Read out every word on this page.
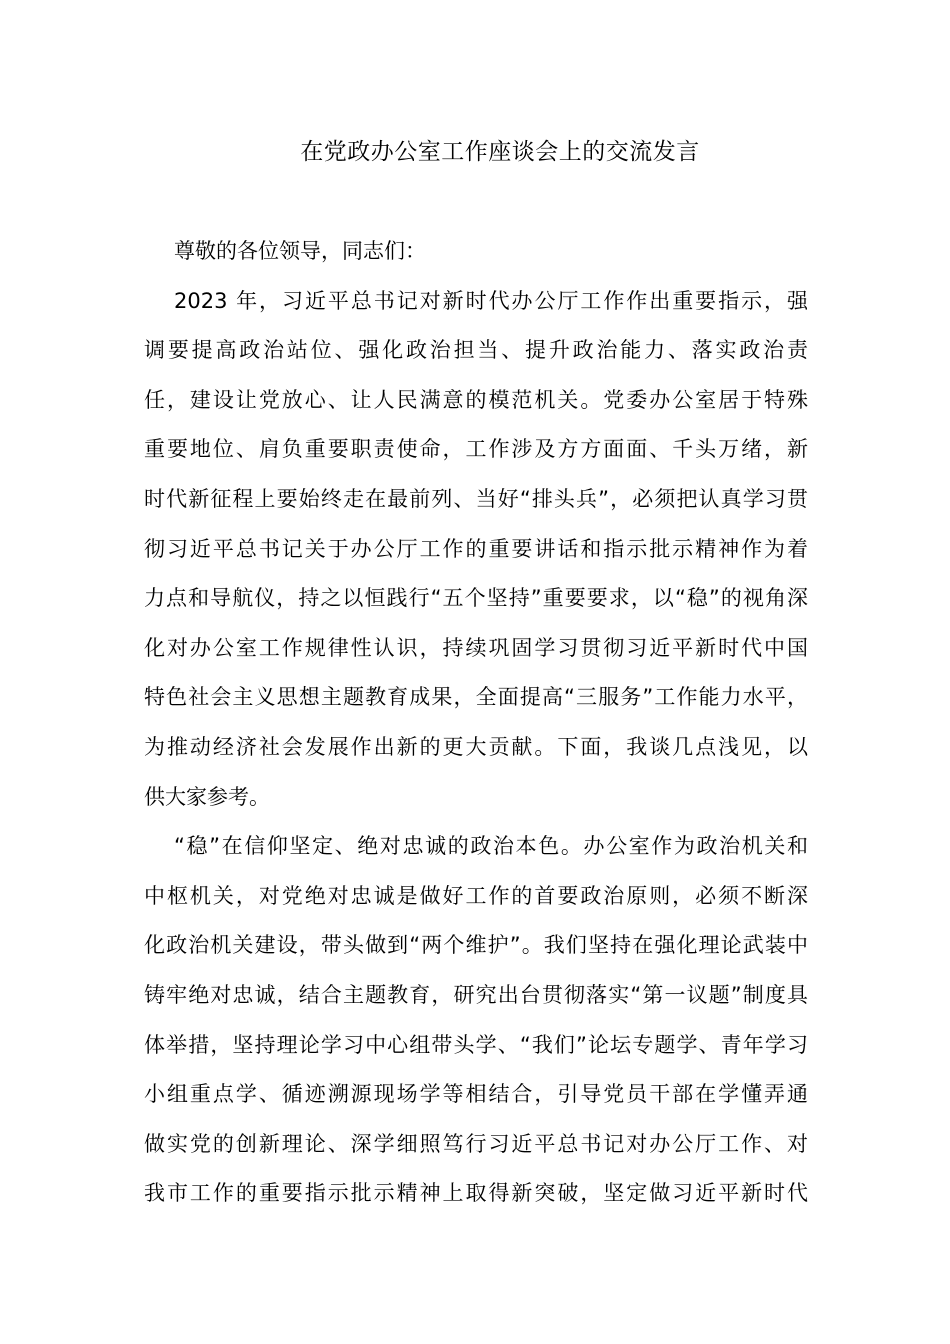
在党政办公室工作座谈会上的交流发言
尊敬的各位领导，同志们：
2023 年，习近平总书记对新时代办公厅工作作出重要指示，强
调要提高政治站位、强化政治担当、提升政治能力、落实政治责
任，建设让党放心、让人民满意的模范机关。党委办公室居于特殊
重要地位、肩负重要职责使命，工作涉及方方面面、千头万绪，新
时代新征程上要始终走在最前列、当好“排头兵”，必须把认真学习贯
彻习近平总书记关于办公厅工作的重要讲话和指示批示精神作为着
力点和导航仪，持之以恒践行“五个坚持”重要要求，以“稳”的视角深
化对办公室工作规律性认识，持续巩固学习贯彻习近平新时代中国
特色社会主义思想主题教育成果，全面提高“三服务”工作能力水平，
为推动经济社会发展作出新的更大贡献。下面，我谈几点浅见，以
供大家参考。
“稳”在信仰坚定、绝对忠诚的政治本色。办公室作为政治机关和
中枢机关，对党绝对忠诚是做好工作的首要政治原则，必须不断深
化政治机关建设，带头做到“两个维护”。我们坚持在强化理论武装中
铸牢绝对忠诚，结合主题教育，研究出台贯彻落实“第一议题”制度具
体举措，坚持理论学习中心组带头学、“我们”论坛专题学、青年学习
小组重点学、循迹溯源现场学等相结合，引导党员干部在学懂弄通
做实党的创新理论、深学细照笃行习近平总书记对办公厅工作、对
我市工作的重要指示批示精神上取得新突破，坚定做习近平新时代
